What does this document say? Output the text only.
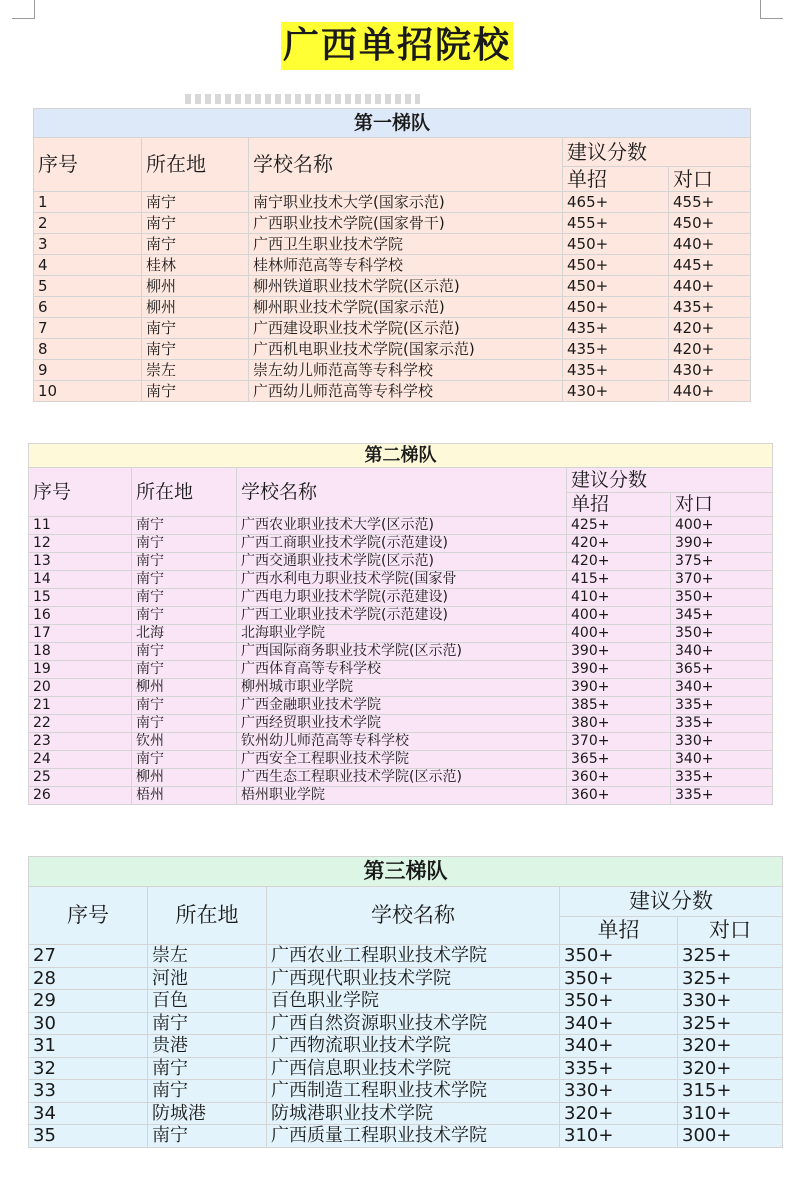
广西单招院校
第一梯队				
序号	所在地	学校名称	建议分数	
			单招	对口
1	南宁	南宁职业技术大学(国家示范)	465+	455+
2	南宁	广西职业技术学院(国家骨干)	455+	450+
3	南宁	广西卫生职业技术学院	450+	440+
4	桂林	桂林师范高等专科学校	450+	445+
5	柳州	柳州铁道职业技术学院(区示范)	450+	440+
6	柳州	柳州职业技术学院(国家示范)	450+	435+
7	南宁	广西建设职业技术学院(区示范)	435+	420+
8	南宁	广西机电职业技术学院(国家示范)	435+	420+
9	崇左	崇左幼儿师范高等专科学校	435+	430+
10	南宁	广西幼儿师范高等专科学校	430+	440+
第二梯队				
序号	所在地	学校名称	建议分数	
			单招	对口
11	南宁	广西农业职业技术大学(区示范)	425+	400+
12	南宁	广西工商职业技术学院(示范建设)	420+	390+
13	南宁	广西交通职业技术学院(区示范)	420+	375+
14	南宁	广西水利电力职业技术学院(国家骨	415+	370+
15	南宁	广西电力职业技术学院(示范建设)	410+	350+
16	南宁	广西工业职业技术学院(示范建设)	400+	345+
17	北海	北海职业学院	400+	350+
18	南宁	广西国际商务职业技术学院(区示范)	390+	340+
19	南宁	广西体育高等专科学校	390+	365+
20	柳州	柳州城市职业学院	390+	340+
21	南宁	广西金融职业技术学院	385+	335+
22	南宁	广西经贸职业技术学院	380+	335+
23	钦州	钦州幼儿师范高等专科学校	370+	330+
24	南宁	广西安全工程职业技术学院	365+	340+
25	柳州	广西生态工程职业技术学院(区示范)	360+	335+
26	梧州	梧州职业学院	360+	335+
第三梯队				
序号	所在地	学校名称	建议分数	
			单招	对口
27	崇左	广西农业工程职业技术学院	350+	325+
28	河池	广西现代职业技术学院	350+	325+
29	百色	百色职业学院	350+	330+
30	南宁	广西自然资源职业技术学院	340+	325+
31	贵港	广西物流职业技术学院	340+	320+
32	南宁	广西信息职业技术学院	335+	320+
33	南宁	广西制造工程职业技术学院	330+	315+
34	防城港	防城港职业技术学院	320+	310+
35	南宁	广西质量工程职业技术学院	310+	300+
